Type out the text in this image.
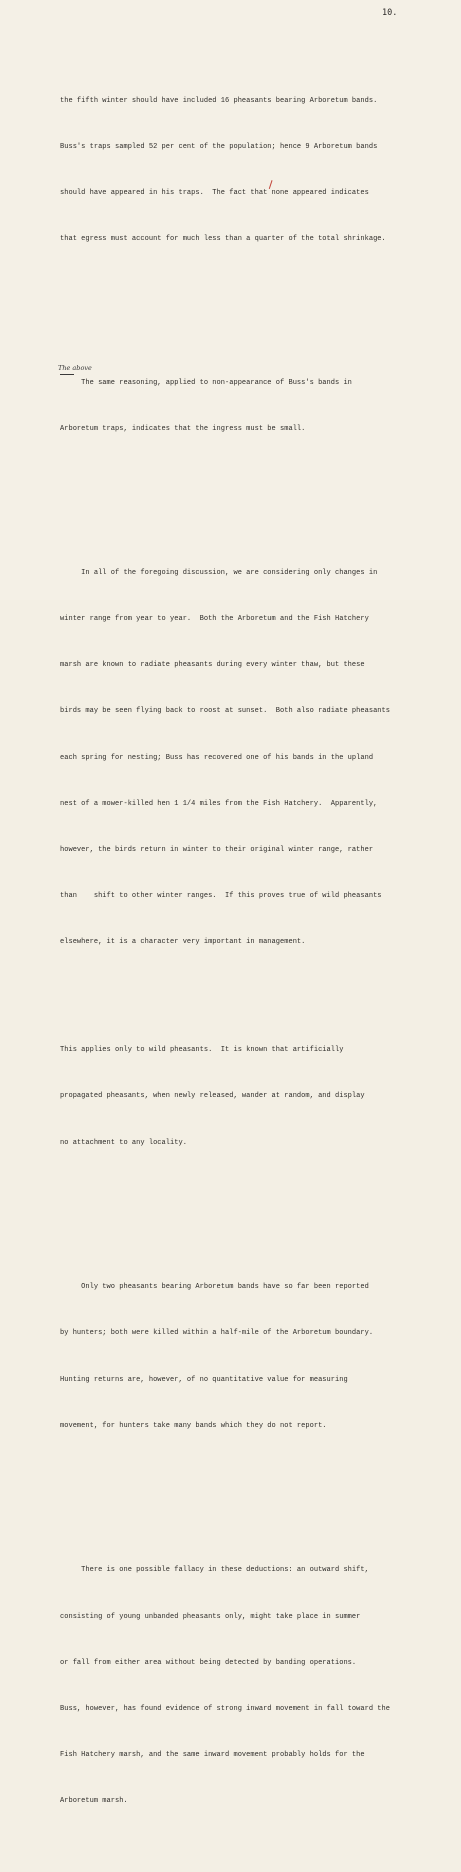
10.
The above

the fifth winter should have included 16 pheasants bearing Arboretum bands.

Buss's traps sampled 52 per cent of the population; hence 9 Arboretum bands

should have appeared in his traps.  The fact that none appeared indicates

that egress must account for much less than a quarter of the total shrinkage.

The same reasoning, applied to non-appearance of Buss's bands in

Arboretum traps, indicates that the ingress must be small.

In all of the foregoing discussion, we are considering only changes in

winter range from year to year.  Both the Arboretum and the Fish Hatchery

marsh are known to radiate pheasants during every winter thaw, but these

birds may be seen flying back to roost at sunset.  Both also radiate pheasants

each spring for nesting; Buss has recovered one of his bands in the upland

nest of a mower-killed hen 1 1/4 miles from the Fish Hatchery.  Apparently,

however, the birds return in winter to their original winter range, rather

than    shift to other winter ranges.  If this proves true of wild pheasants

elsewhere, it is a character very important in management.

This applies only to wild pheasants.  It is known that artificially

propagated pheasants, when newly released, wander at random, and display

no attachment to any locality.

Only two pheasants bearing Arboretum bands have so far been reported

by hunters; both were killed within a half-mile of the Arboretum boundary.

Hunting returns are, however, of no quantitative value for measuring

movement, for hunters take many bands which they do not report.

There is one possible fallacy in these deductions: an outward shift,

consisting of young unbanded pheasants only, might take place in summer

or fall from either area without being detected by banding operations.

Buss, however, has found evidence of strong inward movement in fall toward the

Fish Hatchery marsh, and the same inward movement probably holds for the

Arboretum marsh.
